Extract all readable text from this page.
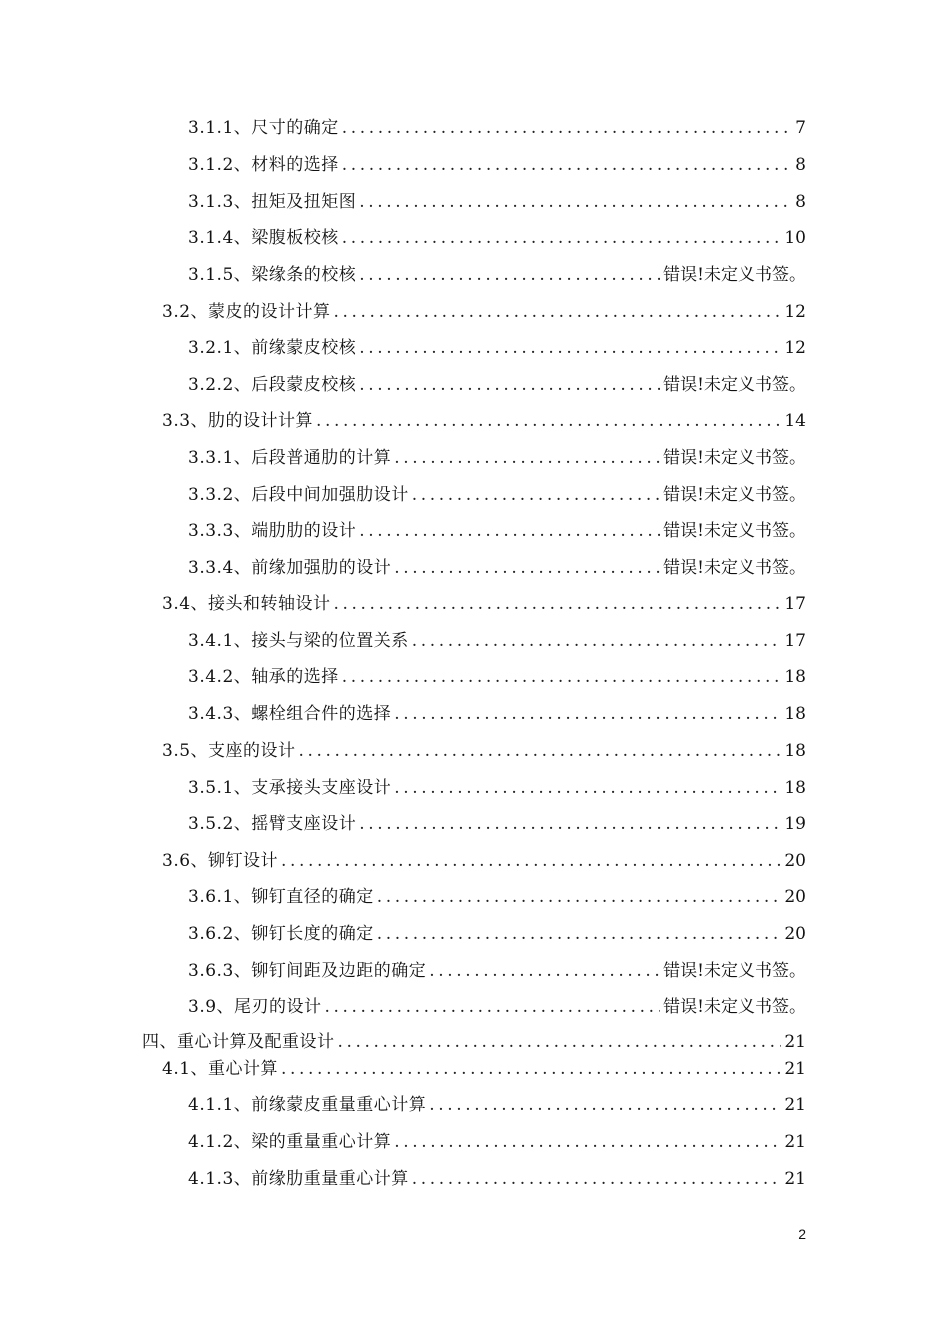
3.1.1、尺寸的确定 .....	7
3.1.2、材料的选择 .....	8
3.1.3、扭矩及扭矩图 .....	8
3.1.4、梁腹板校核 .....	10
3.1.5、梁缘条的校核 .....	错误!未定义书签。
3.2、蒙皮的设计计算 .....	12
3.2.1、前缘蒙皮校核 .....	12
3.2.2、后段蒙皮校核 .....	错误!未定义书签。
3.3、肋的设计计算 .....	14
3.3.1、后段普通肋的计算 .....	错误!未定义书签。
3.3.2、后段中间加强肋设计 .....	错误!未定义书签。
3.3.3、端肋肋的设计 .....	错误!未定义书签。
3.3.4、前缘加强肋的设计 .....	错误!未定义书签。
3.4、接头和转轴设计 .....	17
3.4.1、接头与梁的位置关系 .....	17
3.4.2、轴承的选择 .....	18
3.4.3、螺栓组合件的选择 .....	18
3.5、支座的设计 .....	18
3.5.1、支承接头支座设计 .....	18
3.5.2、摇臂支座设计 .....	19
3.6、铆钉设计 .....	20
3.6.1、铆钉直径的确定 .....	20
3.6.2、铆钉长度的确定 .....	20
3.6.3、铆钉间距及边距的确定 .....	错误!未定义书签。
3.9、尾刃的设计 .....	错误!未定义书签。
四、重心计算及配重设计 .....	21
4.1、重心计算 .....	21
4.1.1、前缘蒙皮重量重心计算 .....	21
4.1.2、梁的重量重心计算 .....	21
4.1.3、前缘肋重量重心计算 .....	21
2
